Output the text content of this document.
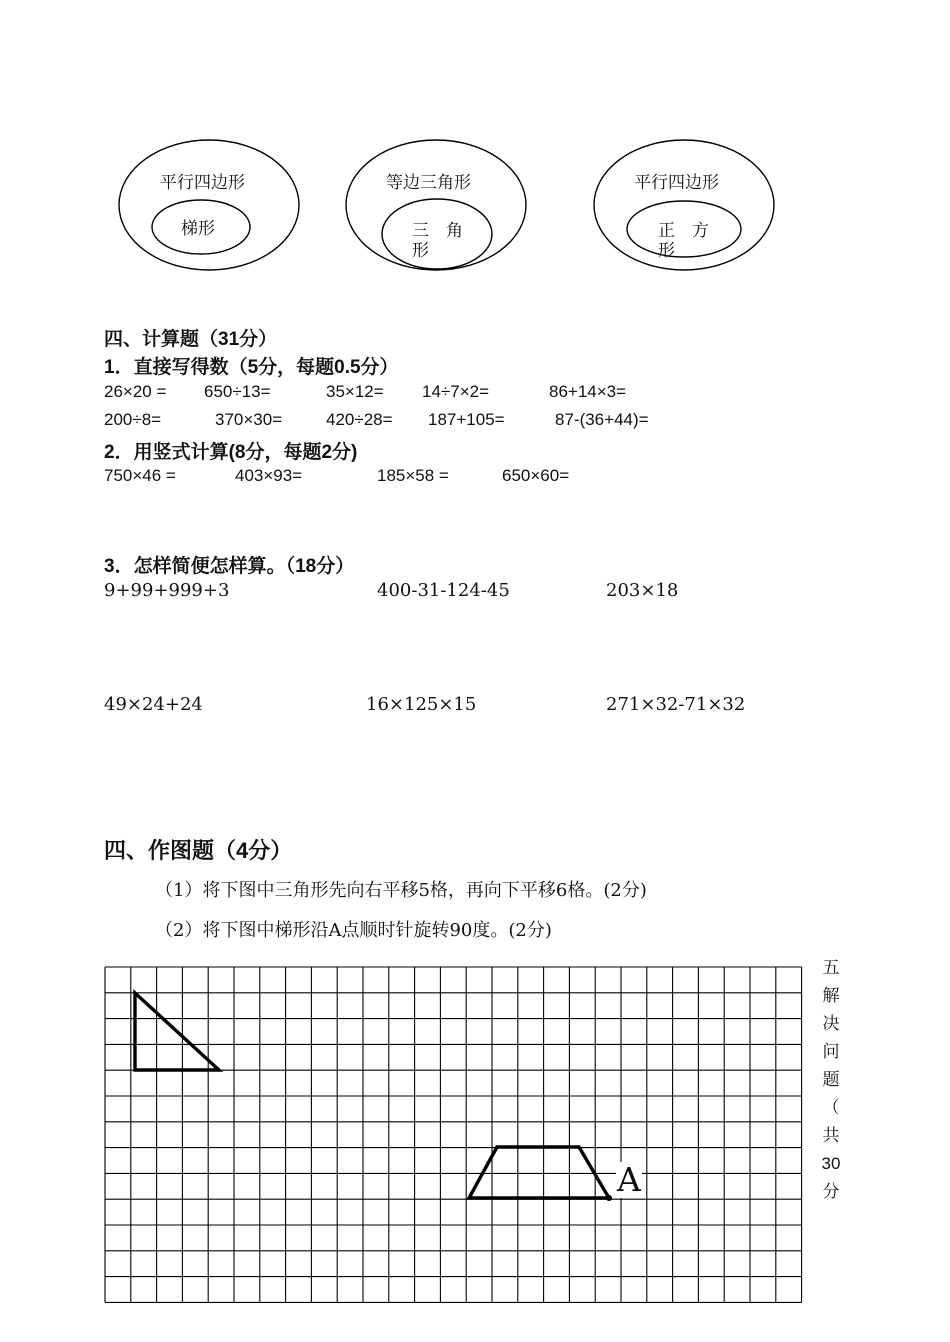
平行四边形
梯形
等边三角形
三　角
形
平行四边形
正　方
形
四、计算题（31分）
1．直接写得数（5分，每题0.5分）
26×20 = 650÷13=	35×12= 14÷7×2=	86+14×3=
200÷8=	370×30=	420÷28= 187+105=	87-(36+44)=
2．用竖式计算(8分，每题2分)
750×46 =	403×93=	185×58 =	650×60=
3．怎样简便怎样算。（18分）
9+99+999+3	400-31-124-45	203×18
49×24+24	16×125×15	271×32-71×32
四、作图题（4分）
（1）将下图中三角形先向右平移5格，再向下平移6格。(2分)
（2）将下图中梯形沿A点顺时针旋转90度。(2分)
A
五
解
决
问
题
（
共
30
分
